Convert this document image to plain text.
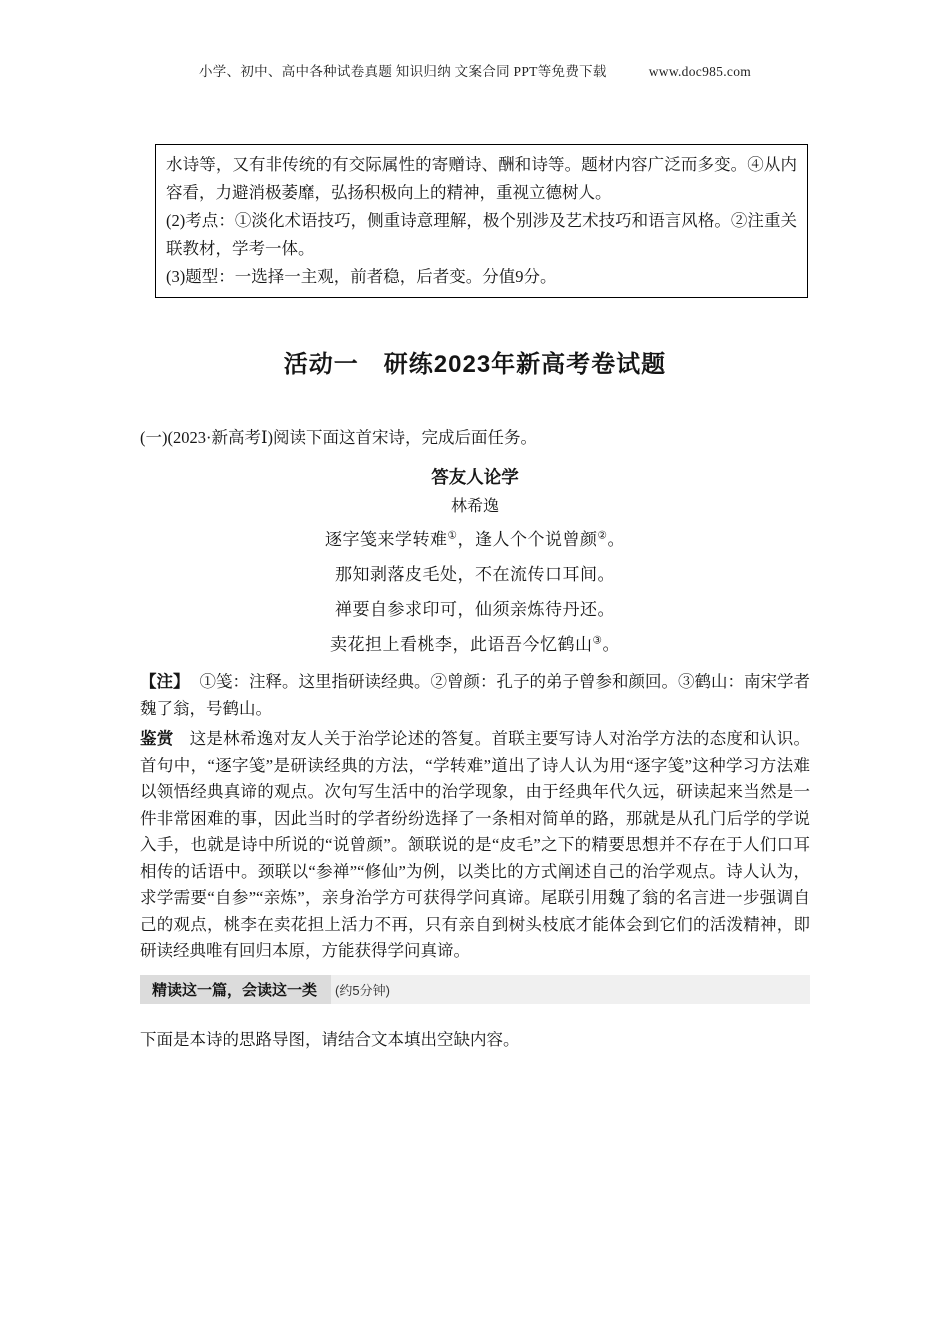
小学、初中、高中各种试卷真题 知识归纳 文案合同 PPT等免费下载	www.doc985.com

水诗等，又有非传统的有交际属性的寄赠诗、酬和诗等。题材内容广泛而多变。④从内容看，力避消极萎靡，弘扬积极向上的精神，重视立德树人。

(2)考点：①淡化术语技巧，侧重诗意理解，极个别涉及艺术技巧和语言风格。②注重关联教材，学考一体。

(3)题型：一选择一主观，前者稳，后者变。分值9分。

活动一　研练2023年新高考卷试题

(一)(2023·新高考Ⅰ)阅读下面这首宋诗，完成后面任务。

答友人论学
林希逸
逐字笺来学转难①，逢人个个说曾颜②。
那知剥落皮毛处，不在流传口耳间。
禅要自参求印可，仙须亲炼待丹还。
卖花担上看桃李，此语吾今忆鹤山③。

【注】 ①笺：注释。这里指研读经典。②曾颜：孔子的弟子曾参和颜回。③鹤山：南宋学者魏了翁，号鹤山。

鉴赏 这是林希逸对友人关于治学论述的答复。首联主要写诗人对治学方法的态度和认识。首句中，“逐字笺”是研读经典的方法，“学转难”道出了诗人认为用“逐字笺”这种学习方法难以领悟经典真谛的观点。次句写生活中的治学现象，由于经典年代久远，研读起来当然是一件非常困难的事，因此当时的学者纷纷选择了一条相对简单的路，那就是从孔门后学的学说入手，也就是诗中所说的“说曾颜”。颔联说的是“皮毛”之下的精要思想并不存在于人们口耳相传的话语中。颈联以“参禅”“修仙”为例，以类比的方式阐述自己的治学观点。诗人认为，求学需要“自参”“亲炼”，亲身治学方可获得学问真谛。尾联引用魏了翁的名言进一步强调自己的观点，桃李在卖花担上活力不再，只有亲自到树头枝底才能体会到它们的活泼精神，即研读经典唯有回归本原，方能获得学问真谛。

精读这一篇，会读这一类	(约5分钟)

下面是本诗的思路导图，请结合文本填出空缺内容。
